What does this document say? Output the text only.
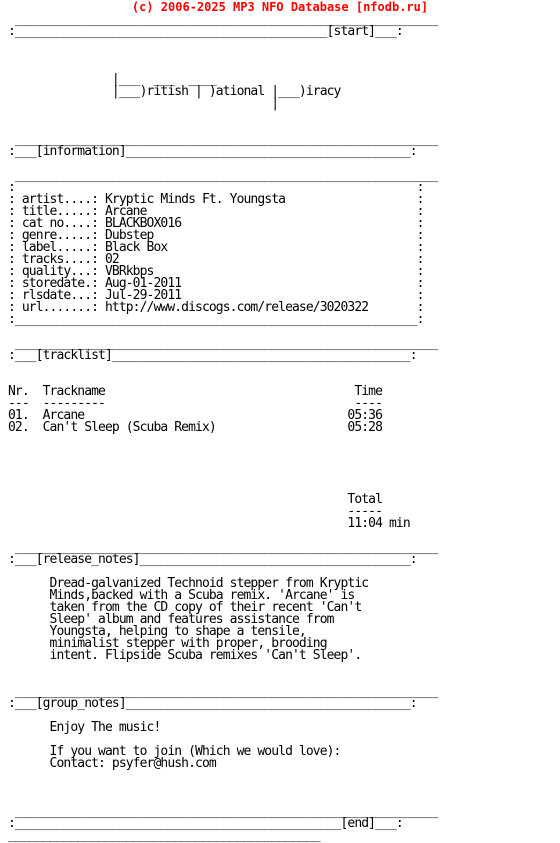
(c) 2006-2025 MP3 NFO Database [nfodb.ru]
_____________________________________________________________
:_____________________________________________[start]___:

|___  ___  ____
|___)ritish | )ational |___)iracy
|

_____________________________________________________________
:___[information]_________________________________________:

_____________________________________________________________
:                                                          :
: artist....: Kryptic Minds Ft. Youngsta                   :
: title.....: Arcane                                       :
: cat no....: BLACKBOX016                                  :
: genre.....: Dubstep                                      :
: label.....: Black Box                                    :
: tracks....: 02                                           :
: quality...: VBRkbps                                      :
: storedate.: Aug-01-2011                                  :
: rlsdate...: Jul-29-2011                                  :
: url.......: http://www.discogs.com/release/3020322       :
:__________________________________________________________:

_____________________________________________________________
:___[tracklist]___________________________________________:

Nr.  Trackname                                    Time
---  ---------                                    ----
01.  Arcane                                      05:36
02.  Can't Sleep (Scuba Remix)                   05:28

Total
-----
11:04 min

_____________________________________________________________
:___[release_notes]_______________________________________:

Dread-galvanized Technoid stepper from Kryptic
Minds,backed with a Scuba remix. 'Arcane' is
taken from the CD copy of their recent 'Can't
Sleep' album and features assistance from
Youngsta, helping to shape a tensile,
minimalist stepper with proper, brooding
intent. Flipside Scuba remixes 'Can't Sleep'.

_____________________________________________________________
:___[group_notes]_________________________________________:

Enjoy The music!

If you want to join (Which we would love):
Contact: psyfer@hush.com

_____________________________________________________________
:_______________________________________________[end]___:
_____________________________________________
